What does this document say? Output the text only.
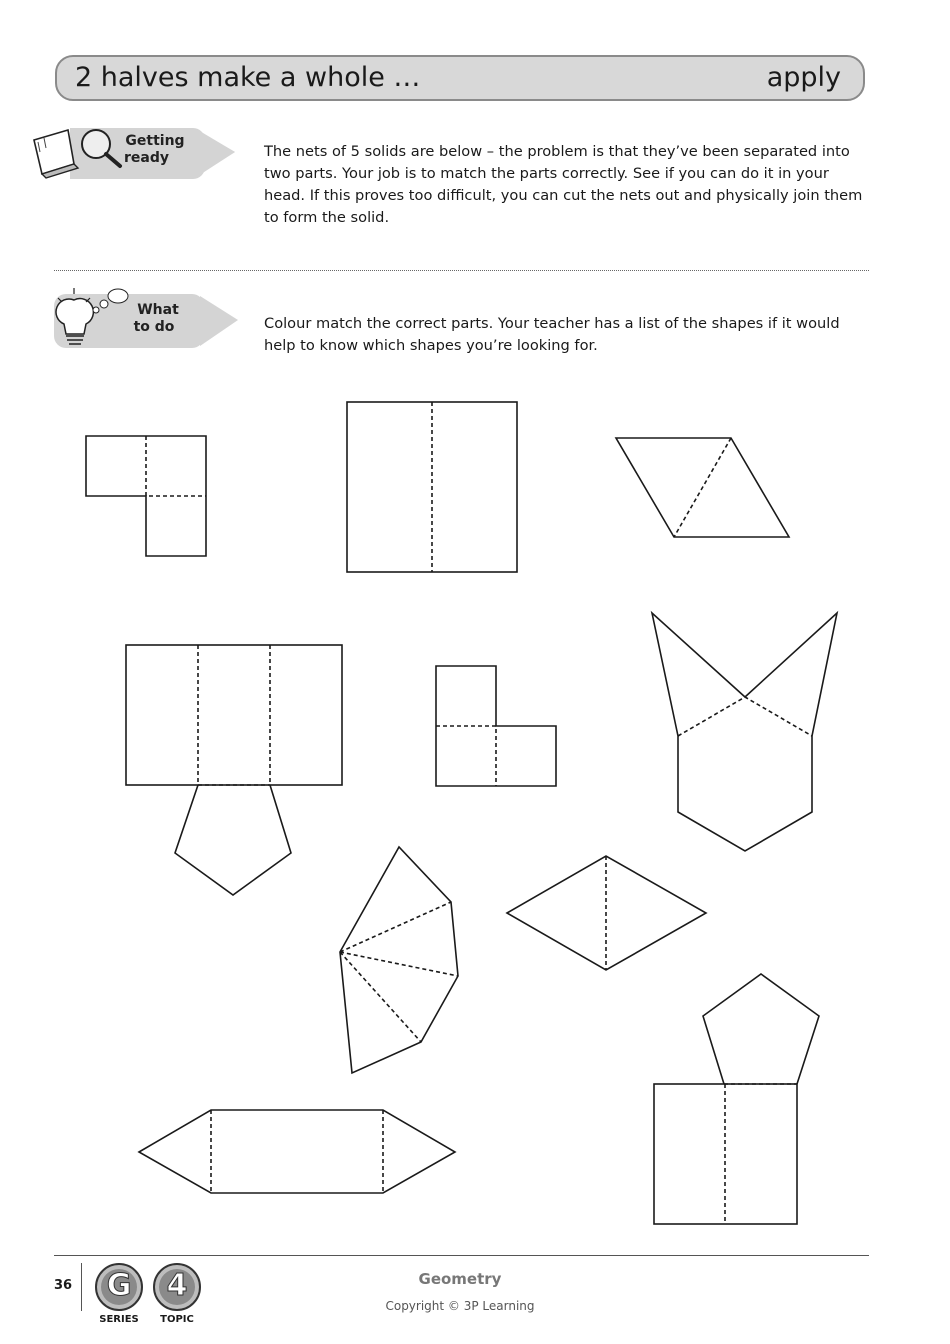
2 halves make a whole …	apply
Getting
ready	The nets of 5 solids are below – the problem is that they’ve been separated into two parts. Your job is to match the parts correctly. See if you can do it in your head. If this proves too difficult, you can cut the nets out and physically join them to form the solid.
What
to do	Colour match the correct parts. Your teacher has a list of the shapes if it would help to know which shapes you’re looking for.
36	G	4
SERIES	TOPIC
Geometry
Copyright © 3P Learning
